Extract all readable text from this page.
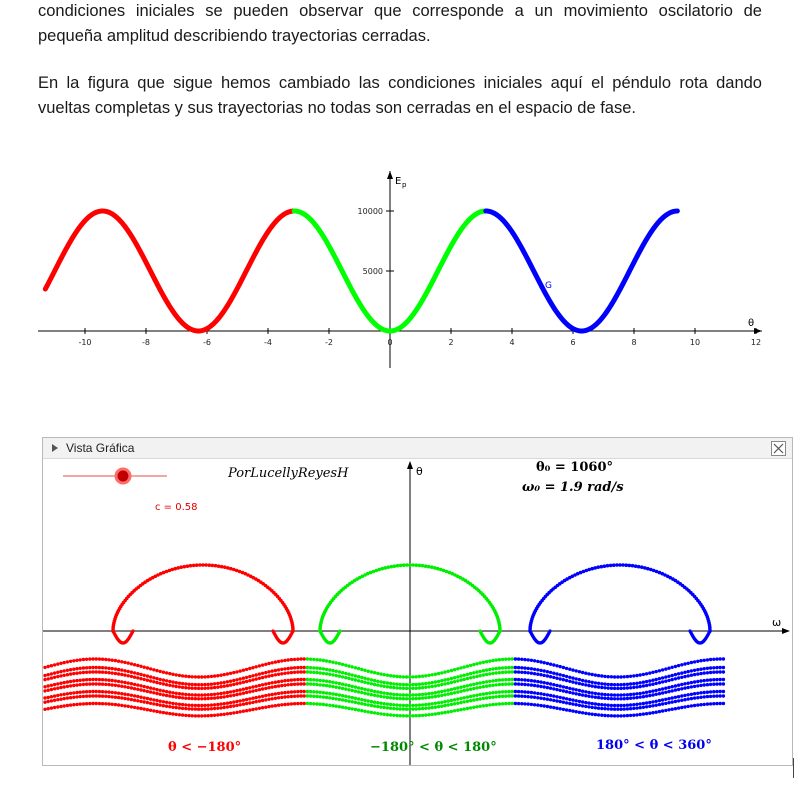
condiciones iniciales se pueden observar que corresponde a un movimiento oscilatorio de pequeña amplitud describiendo trayectorias cerradas.

En la figura que sigue hemos cambiado las condiciones iniciales aquí el péndulo rota dando vueltas completas y sus trayectorias no todas son cerradas en el espacio de fase.

-10	-8	-6	-4	-2	0	2	4	6	8	10	12
10000
5000
E p
θ
G
Vista Gráfica
θ
ω
c = 0.58
PorLucellyReyesH	θ₀ = 1060°
ω₀ = 1.9 rad/s
θ < −180°	−180° < θ < 180°	180° < θ < 360°
